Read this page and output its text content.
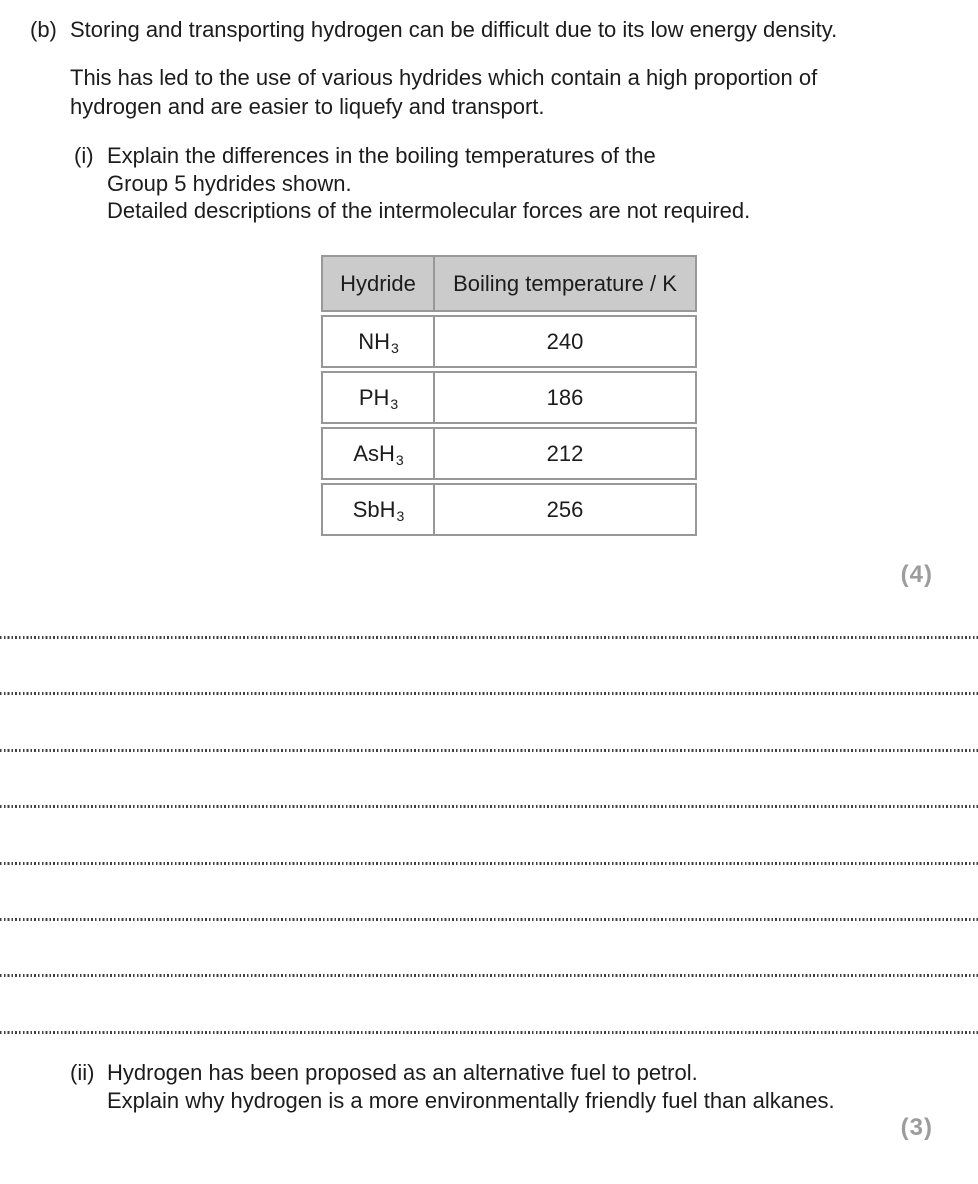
(b) Storing and transporting hydrogen can be difficult due to its low energy density.
This has led to the use of various hydrides which contain a high proportion of
hydrogen and are easier to liquefy and transport.
(i) Explain the differences in the boiling temperatures of the
Group 5 hydrides shown.
Detailed descriptions of the intermolecular forces are not required.
Hydride	Boiling temperature / K
$NH_3$	240
$PH_3$	186
AsH$_3$	212
SbH$_3$	256
(4)
(ii) Hydrogen has been proposed as an alternative fuel to petrol.
Explain why hydrogen is a more environmentally friendly fuel than alkanes.
(3)
